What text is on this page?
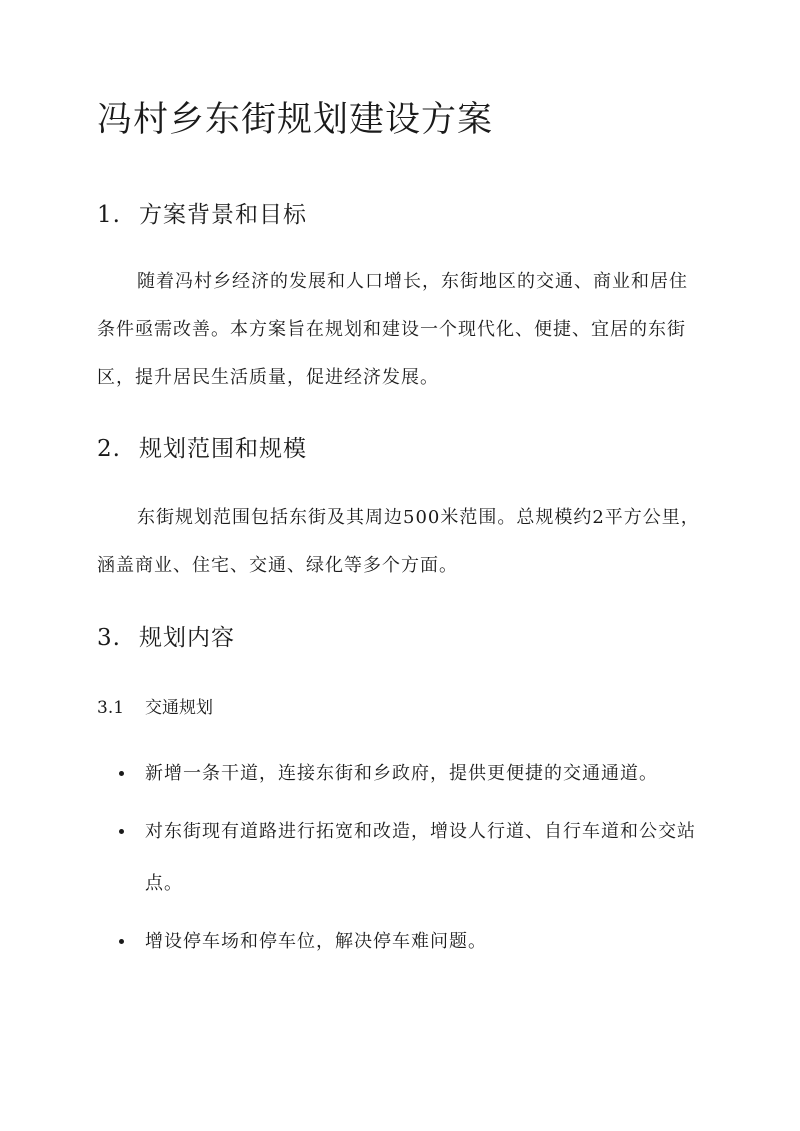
冯村乡东街规划建设方案
1. 方案背景和目标

随着冯村乡经济的发展和人口增长，东街地区的交通、商业和居住条件亟需改善。本方案旨在规划和建设一个现代化、便捷、宜居的东街区，提升居民生活质量，促进经济发展。

2. 规划范围和规模

东街规划范围包括东街及其周边500米范围。总规模约2平方公里，涵盖商业、住宅、交通、绿化等多个方面。

3. 规划内容
3.1 交通规划
新增一条干道，连接东街和乡政府，提供更便捷的交通通道。
对东街现有道路进行拓宽和改造，增设人行道、自行车道和公交站点。
增设停车场和停车位，解决停车难问题。
